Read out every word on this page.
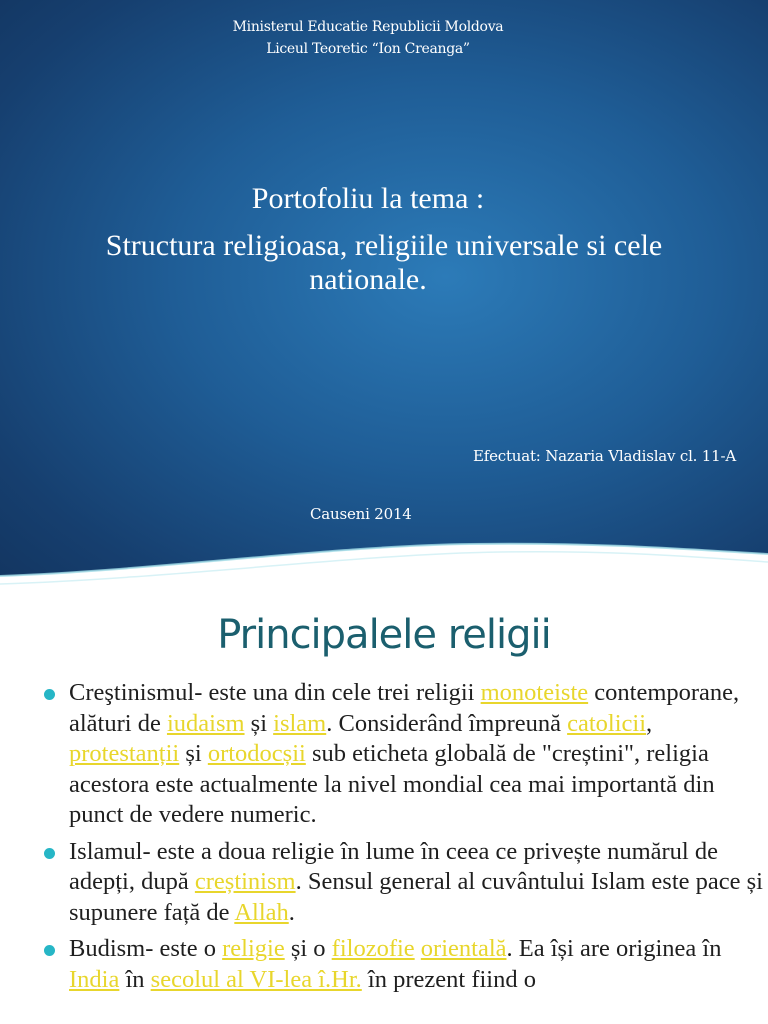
Ministerul Educatie Republicii Moldova
Liceul Teoretic “Ion Creanga”
Portofoliu la tema :
Structura religioasa, religiile universale si cele
nationale.
Efectuat: Nazaria Vladislav cl. 11-A
Causeni 2014
Principalele religii
Creştinismul- este una din cele trei religii monoteiste contemporane, alături de iudaism și islam. Considerând împreună catolicii, protestanții și ortodocșii sub eticheta globală de "creștini", religia acestora este actualmente la nivel mondial cea mai importantă din punct de vedere numeric.
Islamul- este a doua religie în lume în ceea ce privește numărul de adepți, după creștinism. Sensul general al cuvântului Islam este pace și supunere față de Allah.
Budism- este o religie și o filozofie orientală. Ea își are originea în India în secolul al VI-lea î.Hr. în prezent fiind o
